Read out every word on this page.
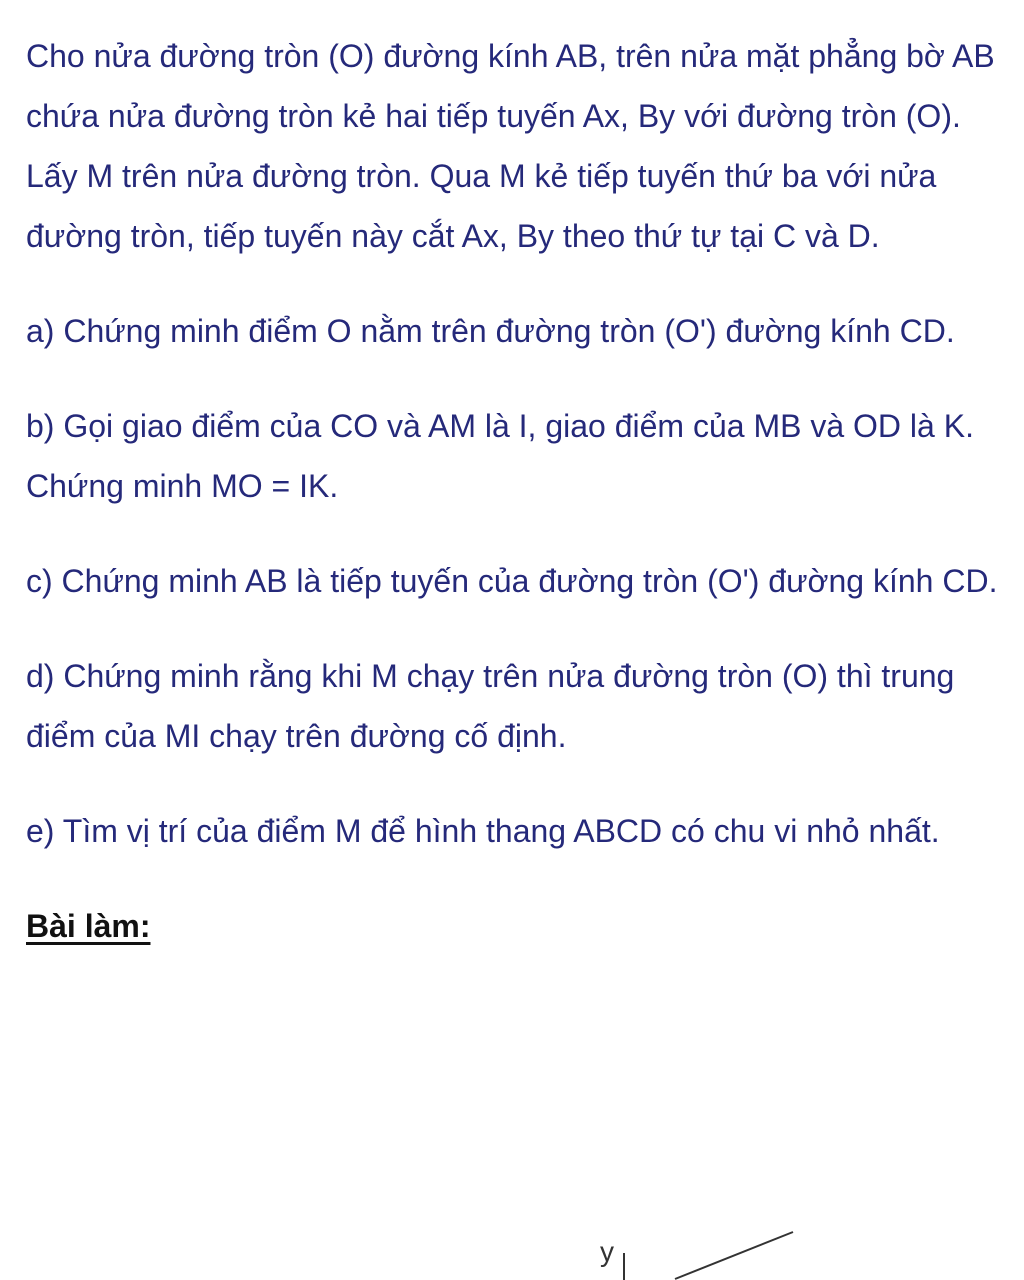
Cho nửa đường tròn (O) đường kính AB, trên nửa mặt phẳng bờ AB chứa nửa đường tròn kẻ hai tiếp tuyến Ax, By với đường tròn (O). Lấy M trên nửa đường tròn. Qua M kẻ tiếp tuyến thứ ba với nửa đường tròn, tiếp tuyến này cắt Ax, By theo thứ tự tại C và D.

a) Chứng minh điểm O nằm trên đường tròn (O') đường kính CD.

b) Gọi giao điểm của CO và AM là I, giao điểm của MB và OD là K. Chứng minh MO = IK.

c) Chứng minh AB là tiếp tuyến của đường tròn (O') đường kính CD.

d) Chứng minh rằng khi M chạy trên nửa đường tròn (O) thì trung điểm của MI chạy trên đường cố định.

e) Tìm vị trí của điểm M để hình thang ABCD có chu vi nhỏ nhất.

Bài làm:

y
